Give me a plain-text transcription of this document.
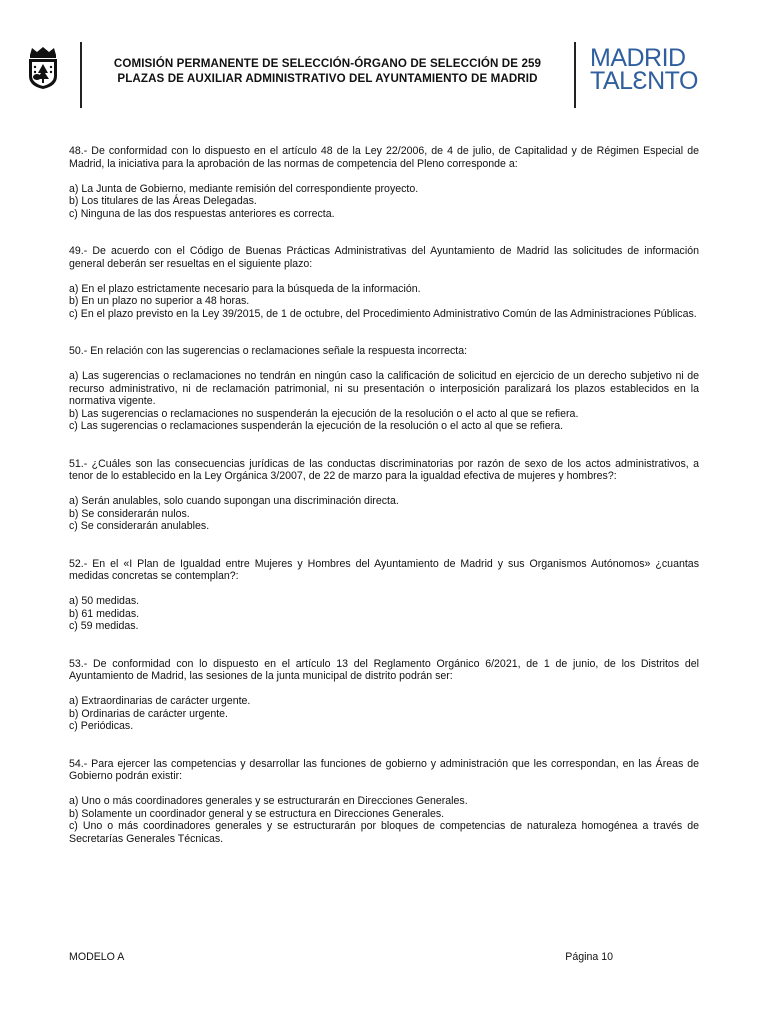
COMISIÓN PERMANENTE DE SELECCIÓN-ÓRGANO DE SELECCIÓN DE 259
PLAZAS DE AUXILIAR ADMINISTRATIVO DEL AYUNTAMIENTO DE MADRID
MADRID
TALƐNTO

48.- De conformidad con lo dispuesto en el artículo 48 de la Ley 22/2006, de 4 de julio, de Capitalidad y de Régimen Especial de Madrid, la iniciativa para la aprobación de las normas de competencia del Pleno corresponde a:

a) La Junta de Gobierno, mediante remisión del correspondiente proyecto.

b) Los titulares de las Áreas Delegadas.

c) Ninguna de las dos respuestas anteriores es correcta.

49.- De acuerdo con el Código de Buenas Prácticas Administrativas del Ayuntamiento de Madrid las solicitudes de información general deberán ser resueltas en el siguiente plazo:

a) En el plazo estrictamente necesario para la búsqueda de la información.

b) En un plazo no superior a 48 horas.

c) En el plazo previsto en la Ley 39/2015, de 1 de octubre, del Procedimiento Administrativo Común de las Administraciones Públicas.

50.- En relación con las sugerencias o reclamaciones señale la respuesta incorrecta:

a) Las sugerencias o reclamaciones no tendrán en ningún caso la calificación de solicitud en ejercicio de un derecho subjetivo ni de recurso administrativo, ni de reclamación patrimonial, ni su presentación o interposición paralizará los plazos establecidos en la normativa vigente.

b) Las sugerencias o reclamaciones no suspenderán la ejecución de la resolución o el acto al que se refiera.

c) Las sugerencias o reclamaciones suspenderán la ejecución de la resolución o el acto al que se refiera.

51.- ¿Cuáles son las consecuencias jurídicas de las conductas discriminatorias por razón de sexo de los actos administrativos, a tenor de lo establecido en la Ley Orgánica 3/2007, de 22 de marzo para la igualdad efectiva de mujeres y hombres?:

a) Serán anulables, solo cuando supongan una discriminación directa.

b) Se considerarán nulos.

c) Se considerarán anulables.

52.- En el «I Plan de Igualdad entre Mujeres y Hombres del Ayuntamiento de Madrid y sus Organismos Autónomos» ¿cuantas medidas concretas se contemplan?:

a) 50 medidas.

b) 61 medidas.

c) 59 medidas.

53.- De conformidad con lo dispuesto en el artículo 13 del Reglamento Orgánico 6/2021, de 1 de junio, de los Distritos del Ayuntamiento de Madrid, las sesiones de la junta municipal de distrito podrán ser:

a) Extraordinarias de carácter urgente.

b) Ordinarias de carácter urgente.

c) Periódicas.

54.- Para ejercer las competencias y desarrollar las funciones de gobierno y administración que les correspondan, en las Áreas de Gobierno podrán existir:

a) Uno o más coordinadores generales y se estructurarán en Direcciones Generales.

b) Solamente un coordinador general y se estructura en Direcciones Generales.

c) Uno o más coordinadores generales y se estructurarán por bloques de competencias de naturaleza homogénea a través de Secretarías Generales Técnicas.

MODELO A	Página 10
